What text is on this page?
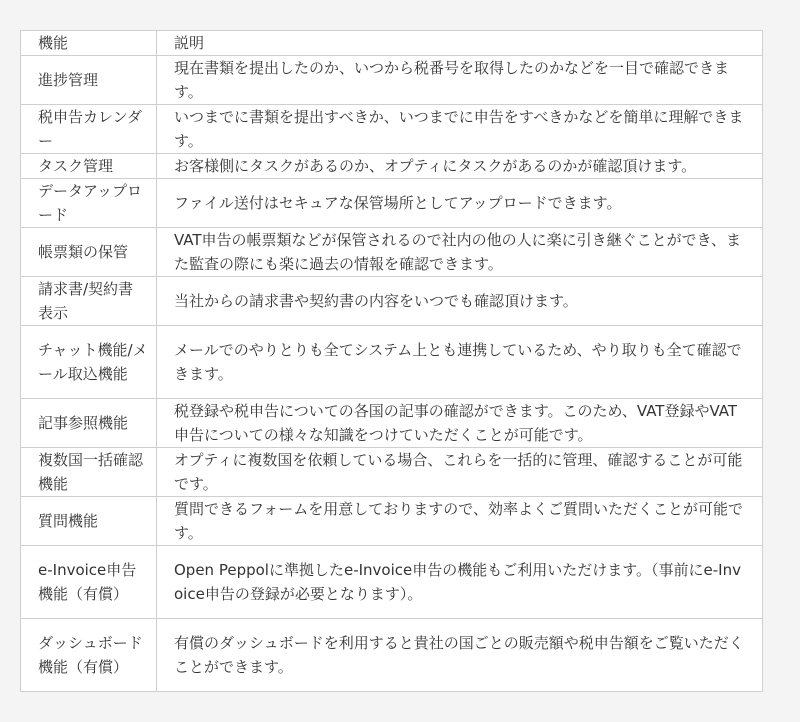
機能	説明
進捗管理	現在書類を提出したのか、いつから税番号を取得したのかなどを一目で確認できます。
税申告カレンダー	いつまでに書類を提出すべきか、いつまでに申告をすべきかなどを簡単に理解できます。
タスク管理	お客様側にタスクがあるのか、オプティにタスクがあるのかが確認頂けます。
データアップロード	ファイル送付はセキュアな保管場所としてアップロードできます。
帳票類の保管	VAT申告の帳票類などが保管されるので社内の他の人に楽に引き継ぐことができ、また監査の際にも楽に過去の情報を確認できます。
請求書/契約書表示	当社からの請求書や契約書の内容をいつでも確認頂けます。
チャット機能/メール取込機能	メールでのやりとりも全てシステム上とも連携しているため、やり取りも全て確認できます。
記事参照機能	税登録や税申告についての各国の記事の確認ができます。このため、VAT登録やVAT申告についての様々な知識をつけていただくことが可能です。
複数国一括確認機能	オプティに複数国を依頼している場合、これらを一括的に管理、確認することが可能です。
質問機能	質問できるフォームを用意しておりますので、効率よくご質問いただくことが可能です。
e-Invoice申告機能（有償）	Open Peppolに準拠したe-Invoice申告の機能もご利用いただけます。（事前にe-Invoice申告の登録が必要となります）。
ダッシュボード機能（有償）	有償のダッシュボードを利用すると貴社の国ごとの販売額や税申告額をご覧いただくことができます。
